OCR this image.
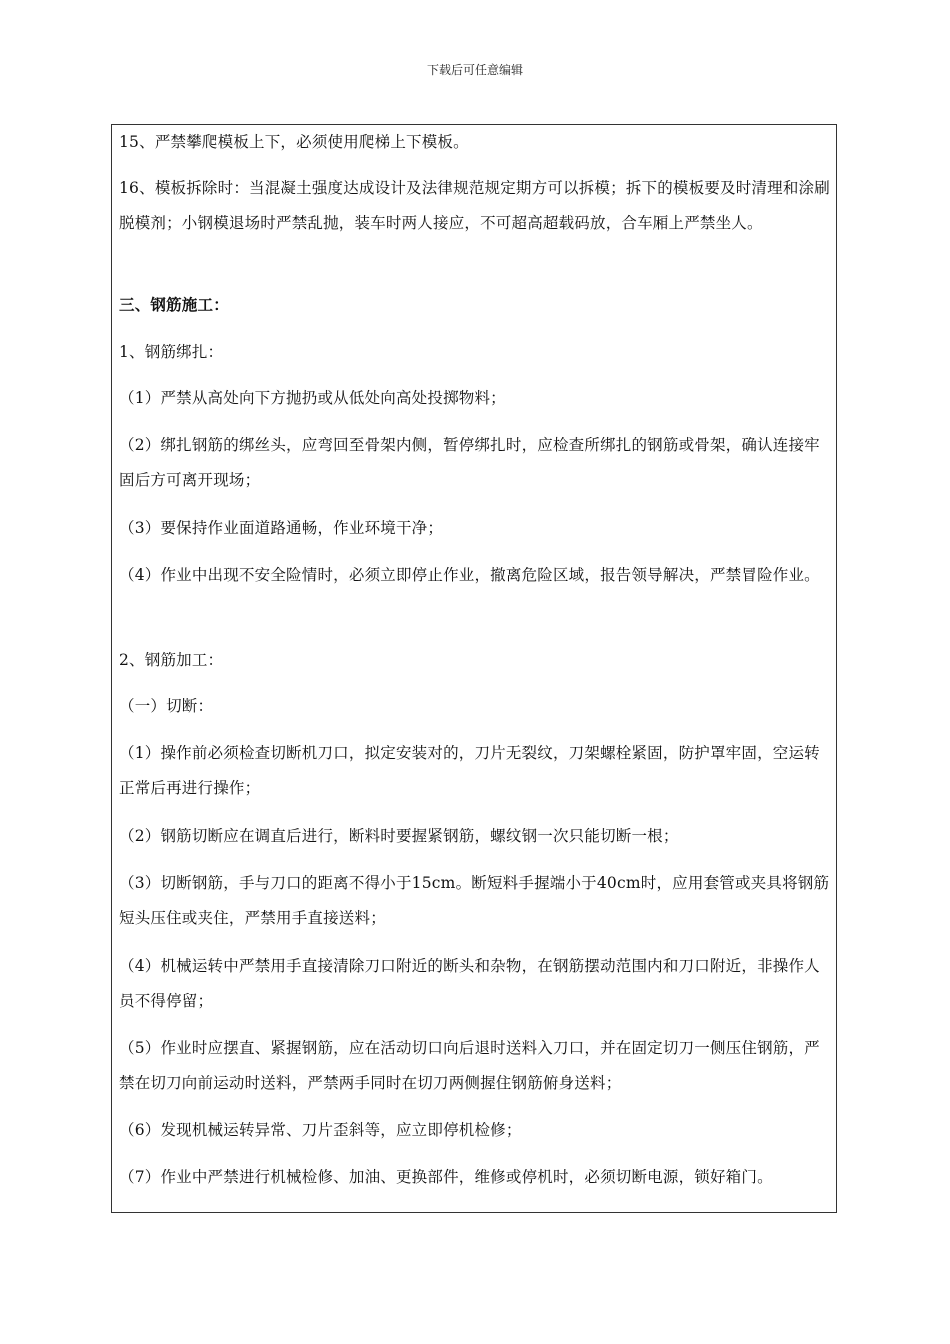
下载后可任意编辑

15、严禁攀爬模板上下，必须使用爬梯上下模板。

16、模板拆除时：当混凝土强度达成设计及法律规范规定期方可以拆模；拆下的模板要及时清理和涂刷脱模剂；小钢模退场时严禁乱抛，装车时两人接应，不可超高超载码放，合车厢上严禁坐人。

三、钢筋施工：

1、钢筋绑扎：

（1）严禁从高处向下方抛扔或从低处向高处投掷物料；

（2）绑扎钢筋的绑丝头，应弯回至骨架内侧，暂停绑扎时，应检查所绑扎的钢筋或骨架，确认连接牢固后方可离开现场；

（3）要保持作业面道路通畅，作业环境干净；

（4）作业中出现不安全险情时，必须立即停止作业，撤离危险区域，报告领导解决，严禁冒险作业。

2、钢筋加工：

（一）切断：

（1）操作前必须检查切断机刀口，拟定安装对的，刀片无裂纹，刀架螺栓紧固，防护罩牢固，空运转正常后再进行操作；

（2）钢筋切断应在调直后进行，断料时要握紧钢筋，螺纹钢一次只能切断一根；

（3）切断钢筋，手与刀口的距离不得小于15cm。断短料手握端小于40cm时，应用套管或夹具将钢筋短头压住或夹住，严禁用手直接送料；

（4）机械运转中严禁用手直接清除刀口附近的断头和杂物，在钢筋摆动范围内和刀口附近，非操作人员不得停留；

（5）作业时应摆直、紧握钢筋，应在活动切口向后退时送料入刀口，并在固定切刀一侧压住钢筋，严禁在切刀向前运动时送料，严禁两手同时在切刀两侧握住钢筋俯身送料；

（6）发现机械运转异常、刀片歪斜等，应立即停机检修；

（7）作业中严禁进行机械检修、加油、更换部件，维修或停机时，必须切断电源，锁好箱门。
